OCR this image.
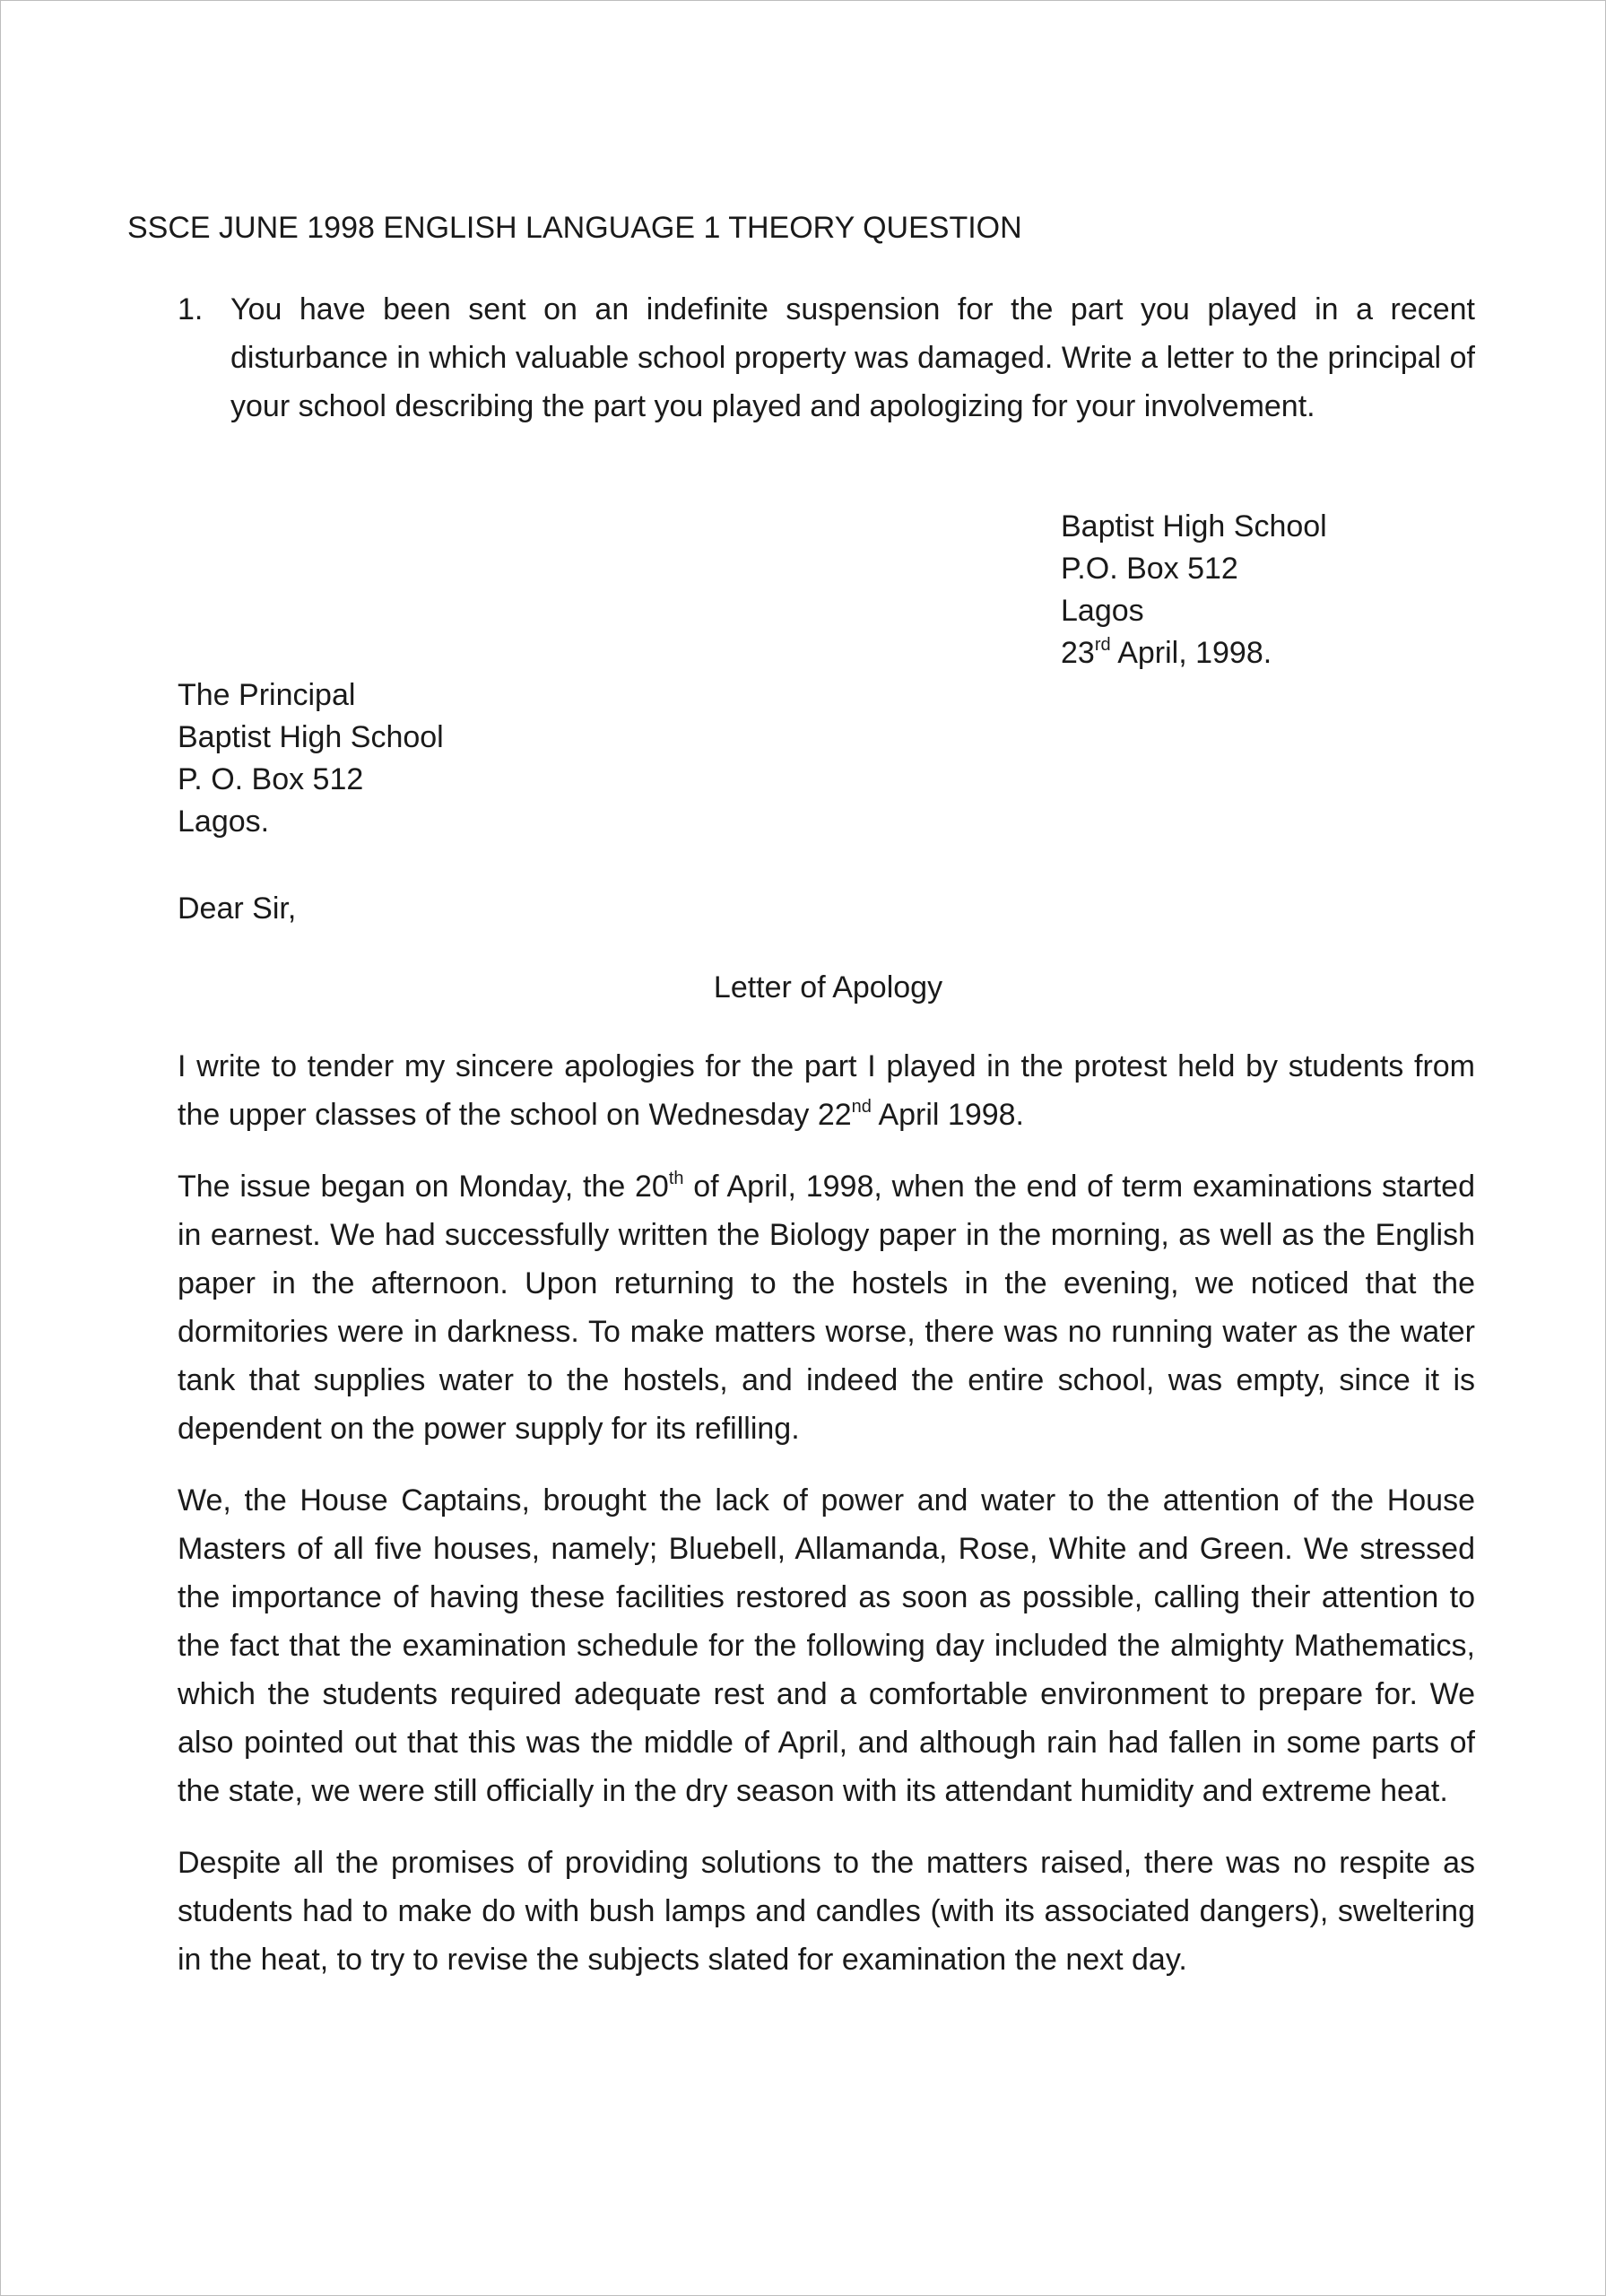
SSCE JUNE 1998 ENGLISH LANGUAGE 1 THEORY QUESTION
1. You have been sent on an indefinite suspension for the part you played in a recent disturbance in which valuable school property was damaged. Write a letter to the principal of your school describing the part you played and apologizing for your involvement.
Baptist High School
P.O. Box 512
Lagos
23rd April, 1998.
The Principal
Baptist High School
P. O. Box 512
Lagos.
Dear Sir,
Letter of Apology

I write to tender my sincere apologies for the part I played in the protest held by students from the upper classes of the school on Wednesday 22nd April 1998.

The issue began on Monday, the 20th of April, 1998, when the end of term examinations started in earnest. We had successfully written the Biology paper in the morning, as well as the English paper in the afternoon. Upon returning to the hostels in the evening, we noticed that the dormitories were in darkness. To make matters worse, there was no running water as the water tank that supplies water to the hostels, and indeed the entire school, was empty, since it is dependent on the power supply for its refilling.

We, the House Captains, brought the lack of power and water to the attention of the House Masters of all five houses, namely; Bluebell, Allamanda, Rose, White and Green. We stressed the importance of having these facilities restored as soon as possible, calling their attention to the fact that the examination schedule for the following day included the almighty Mathematics, which the students required adequate rest and a comfortable environment to prepare for. We also pointed out that this was the middle of April, and although rain had fallen in some parts of the state, we were still officially in the dry season with its attendant humidity and extreme heat.

Despite all the promises of providing solutions to the matters raised, there was no respite as students had to make do with bush lamps and candles (with its associated dangers), sweltering in the heat, to try to revise the subjects slated for examination the next day.
